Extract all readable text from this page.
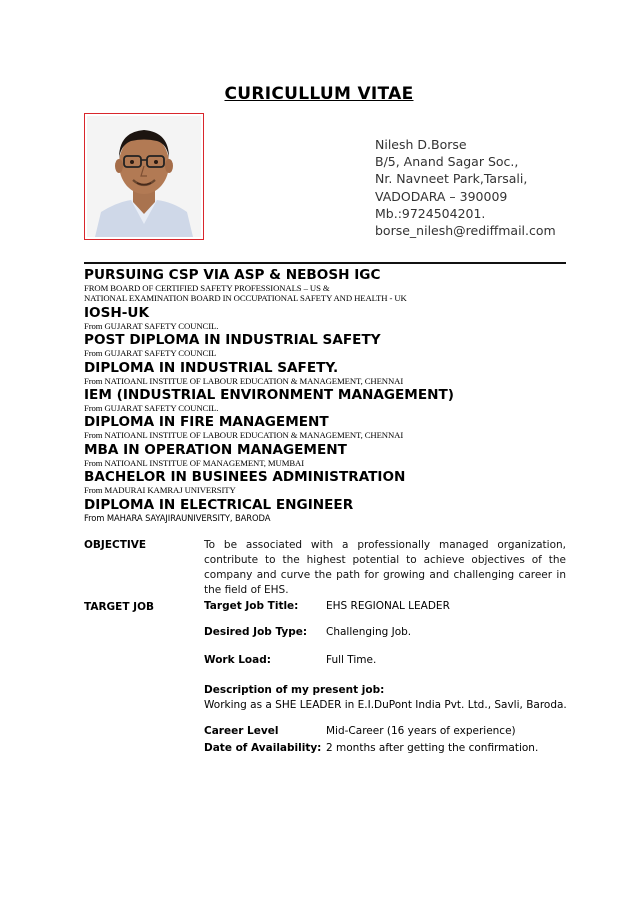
CURICULLUM VITAE
Nilesh D.Borse
B/5, Anand Sagar Soc.,
Nr. Navneet Park,Tarsali,
VADODARA – 390009
Mb.:9724504201.
borse_nilesh@rediffmail.com
PURSUING CSP VIA ASP & NEBOSH IGC
FROM BOARD OF CERTIFIED SAFETY PROFESSIONALS – US &
NATIONAL EXAMINATION BOARD IN OCCUPATIONAL SAFETY AND HEALTH - UK
IOSH-UK
From GUJARAT SAFETY COUNCIL.
POST DIPLOMA IN INDUSTRIAL SAFETY
From GUJARAT SAFETY COUNCIL
DIPLOMA IN INDUSTRIAL SAFETY.
From NATIOANL INSTITUE OF LABOUR EDUCATION & MANAGEMENT, CHENNAI
IEM (INDUSTRIAL ENVIRONMENT MANAGEMENT)
From GUJARAT SAFETY COUNCIL.
DIPLOMA IN FIRE MANAGEMENT
From NATIOANL INSTITUE OF LABOUR EDUCATION & MANAGEMENT, CHENNAI
MBA IN OPERATION MANAGEMENT
From NATIOANL INSTITUE OF MANAGEMENT, MUMBAI
BACHELOR IN BUSINEES ADMINISTRATION
From MADURAI KAMRAJ UNIVERSITY
DIPLOMA IN ELECTRICAL ENGINEER
From MAHARA SAYAJIRAUNIVERSITY, BARODA
OBJECTIVE	To be associated with a professionally managed organization, contribute to the highest potential to achieve objectives of the company and curve the path for growing and challenging career in the field of EHS.
TARGET JOB	Target Job Title:	EHS REGIONAL LEADER
Desired Job Type: Challenging Job.
Work Load:	Full Time.
Description of my present job:
Working as a SHE LEADER in E.I.DuPont India Pvt. Ltd., Savli, Baroda.
Career Level	Mid-Career (16 years of experience)
Date of Availability: 2 months after getting the confirmation.
